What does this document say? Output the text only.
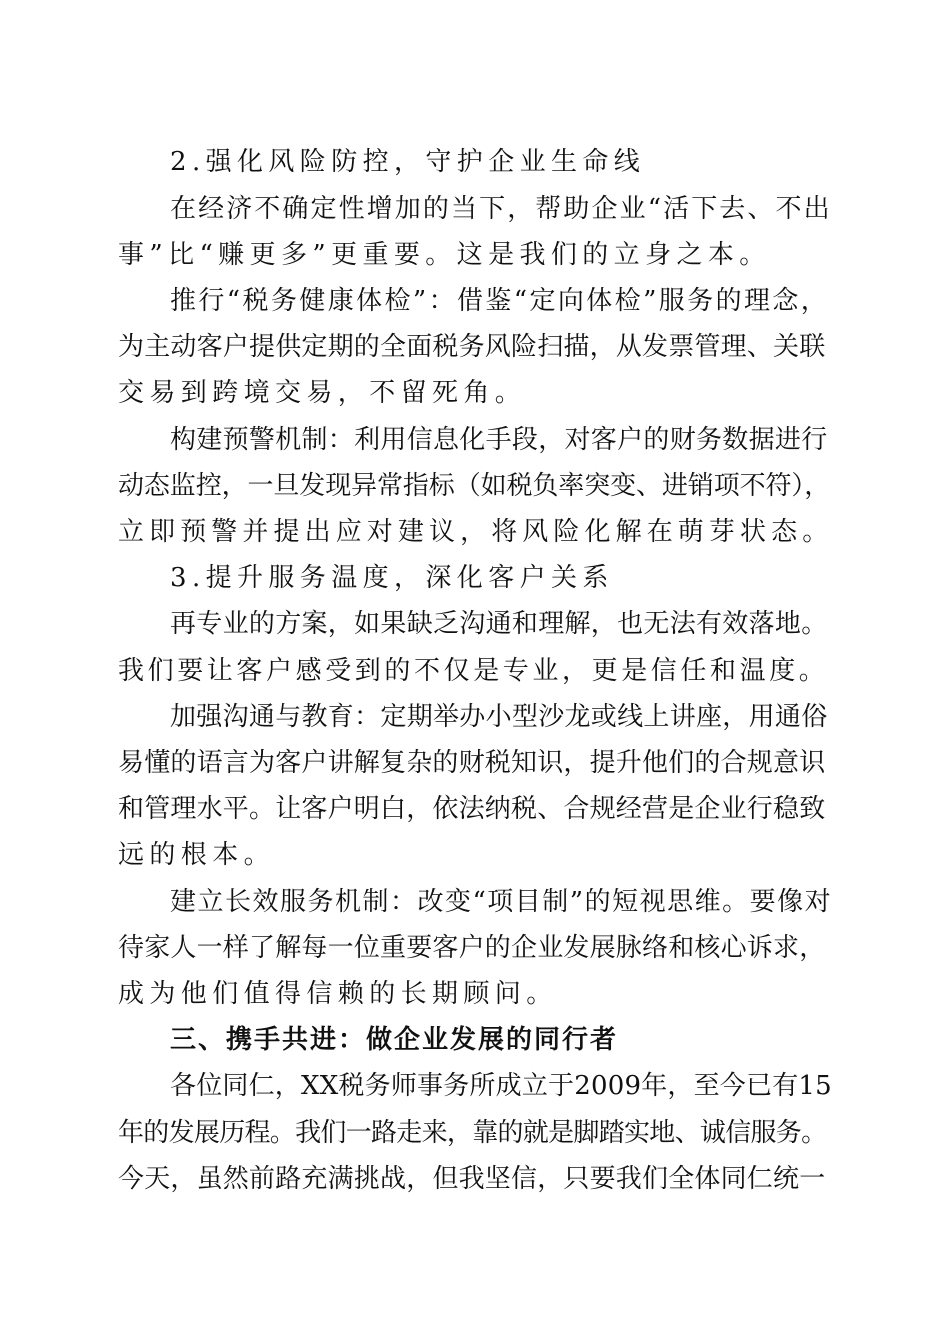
2.强化风险防控，守护企业生命线
在经济不确定性增加的当下，帮助企业“活下去、不出
事”比“赚更多”更重要。这是我们的立身之本。
推行“税务健康体检”：借鉴“定向体检”服务的理念，
为主动客户提供定期的全面税务风险扫描，从发票管理、关联
交易到跨境交易，不留死角。
构建预警机制：利用信息化手段，对客户的财务数据进行
动态监控，一旦发现异常指标（如税负率突变、进销项不符），
立即预警并提出应对建议，将风险化解在萌芽状态。
3.提升服务温度，深化客户关系
再专业的方案，如果缺乏沟通和理解，也无法有效落地。
我们要让客户感受到的不仅是专业，更是信任和温度。
加强沟通与教育：定期举办小型沙龙或线上讲座，用通俗
易懂的语言为客户讲解复杂的财税知识，提升他们的合规意识
和管理水平。让客户明白，依法纳税、合规经营是企业行稳致
远的根本。
建立长效服务机制：改变“项目制”的短视思维。要像对
待家人一样了解每一位重要客户的企业发展脉络和核心诉求，
成为他们值得信赖的长期顾问。
三、携手共进：做企业发展的同行者
各位同仁，XX税务师事务所成立于2009年，至今已有15
年的发展历程。我们一路走来，靠的就是脚踏实地、诚信服务。
今天，虽然前路充满挑战，但我坚信，只要我们全体同仁统一
